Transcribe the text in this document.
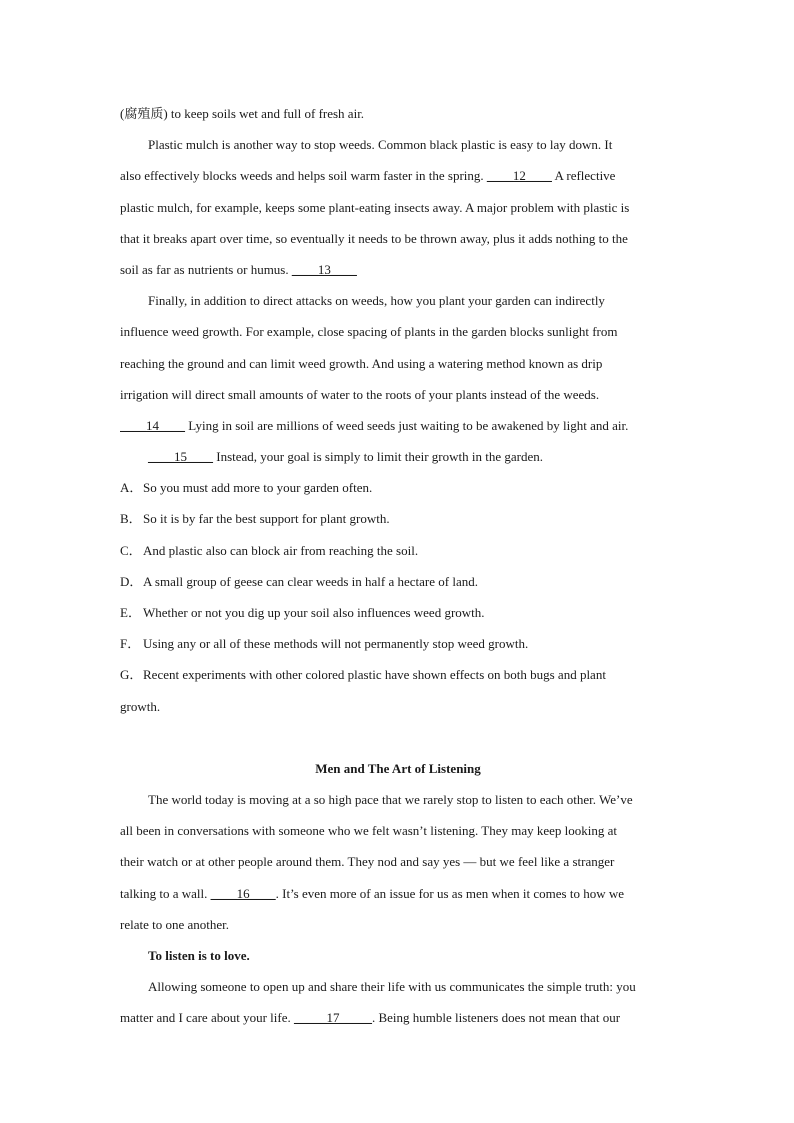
(腐殖质) to keep soils wet and full of fresh air.
Plastic mulch is another way to stop weeds. Common black plastic is easy to lay down. It
also effectively blocks weeds and helps soil warm faster in the spring. ____12____ A reflective
plastic mulch, for example, keeps some plant-eating insects away. A major problem with plastic is
that it breaks apart over time, so eventually it needs to be thrown away, plus it adds nothing to the
soil as far as nutrients or humus. ____13____
Finally, in addition to direct attacks on weeds, how you plant your garden can indirectly
influence weed growth. For example, close spacing of plants in the garden blocks sunlight from
reaching the ground and can limit weed growth. And using a watering method known as drip
irrigation will direct small amounts of water to the roots of your plants instead of the weeds.
____14____ Lying in soil are millions of weed seeds just waiting to be awakened by light and air.
____15____ Instead, your goal is simply to limit their growth in the garden.
A．So you must add more to your garden often.
B．So it is by far the best support for plant growth.
C．And plastic also can block air from reaching the soil.
D．A small group of geese can clear weeds in half a hectare of land.
E． Whether or not you dig up your soil also influences weed growth.
F． Using any or all of these methods will not permanently stop weed growth.
G．Recent experiments with other colored plastic have shown effects on both bugs and plant
growth.
Men and The Art of Listening
The world today is moving at a so high pace that we rarely stop to listen to each other. We’ve
all been in conversations with someone who we felt wasn’t listening. They may keep looking at
their watch or at other people around them. They nod and say yes — but we feel like a stranger
talking to a wall. ____16____. It’s even more of an issue for us as men when it comes to how we
relate to one another.
To listen is to love.
Allowing someone to open up and share their life with us communicates the simple truth: you
matter and I care about your life. _____17_____. Being humble listeners does not mean that our
